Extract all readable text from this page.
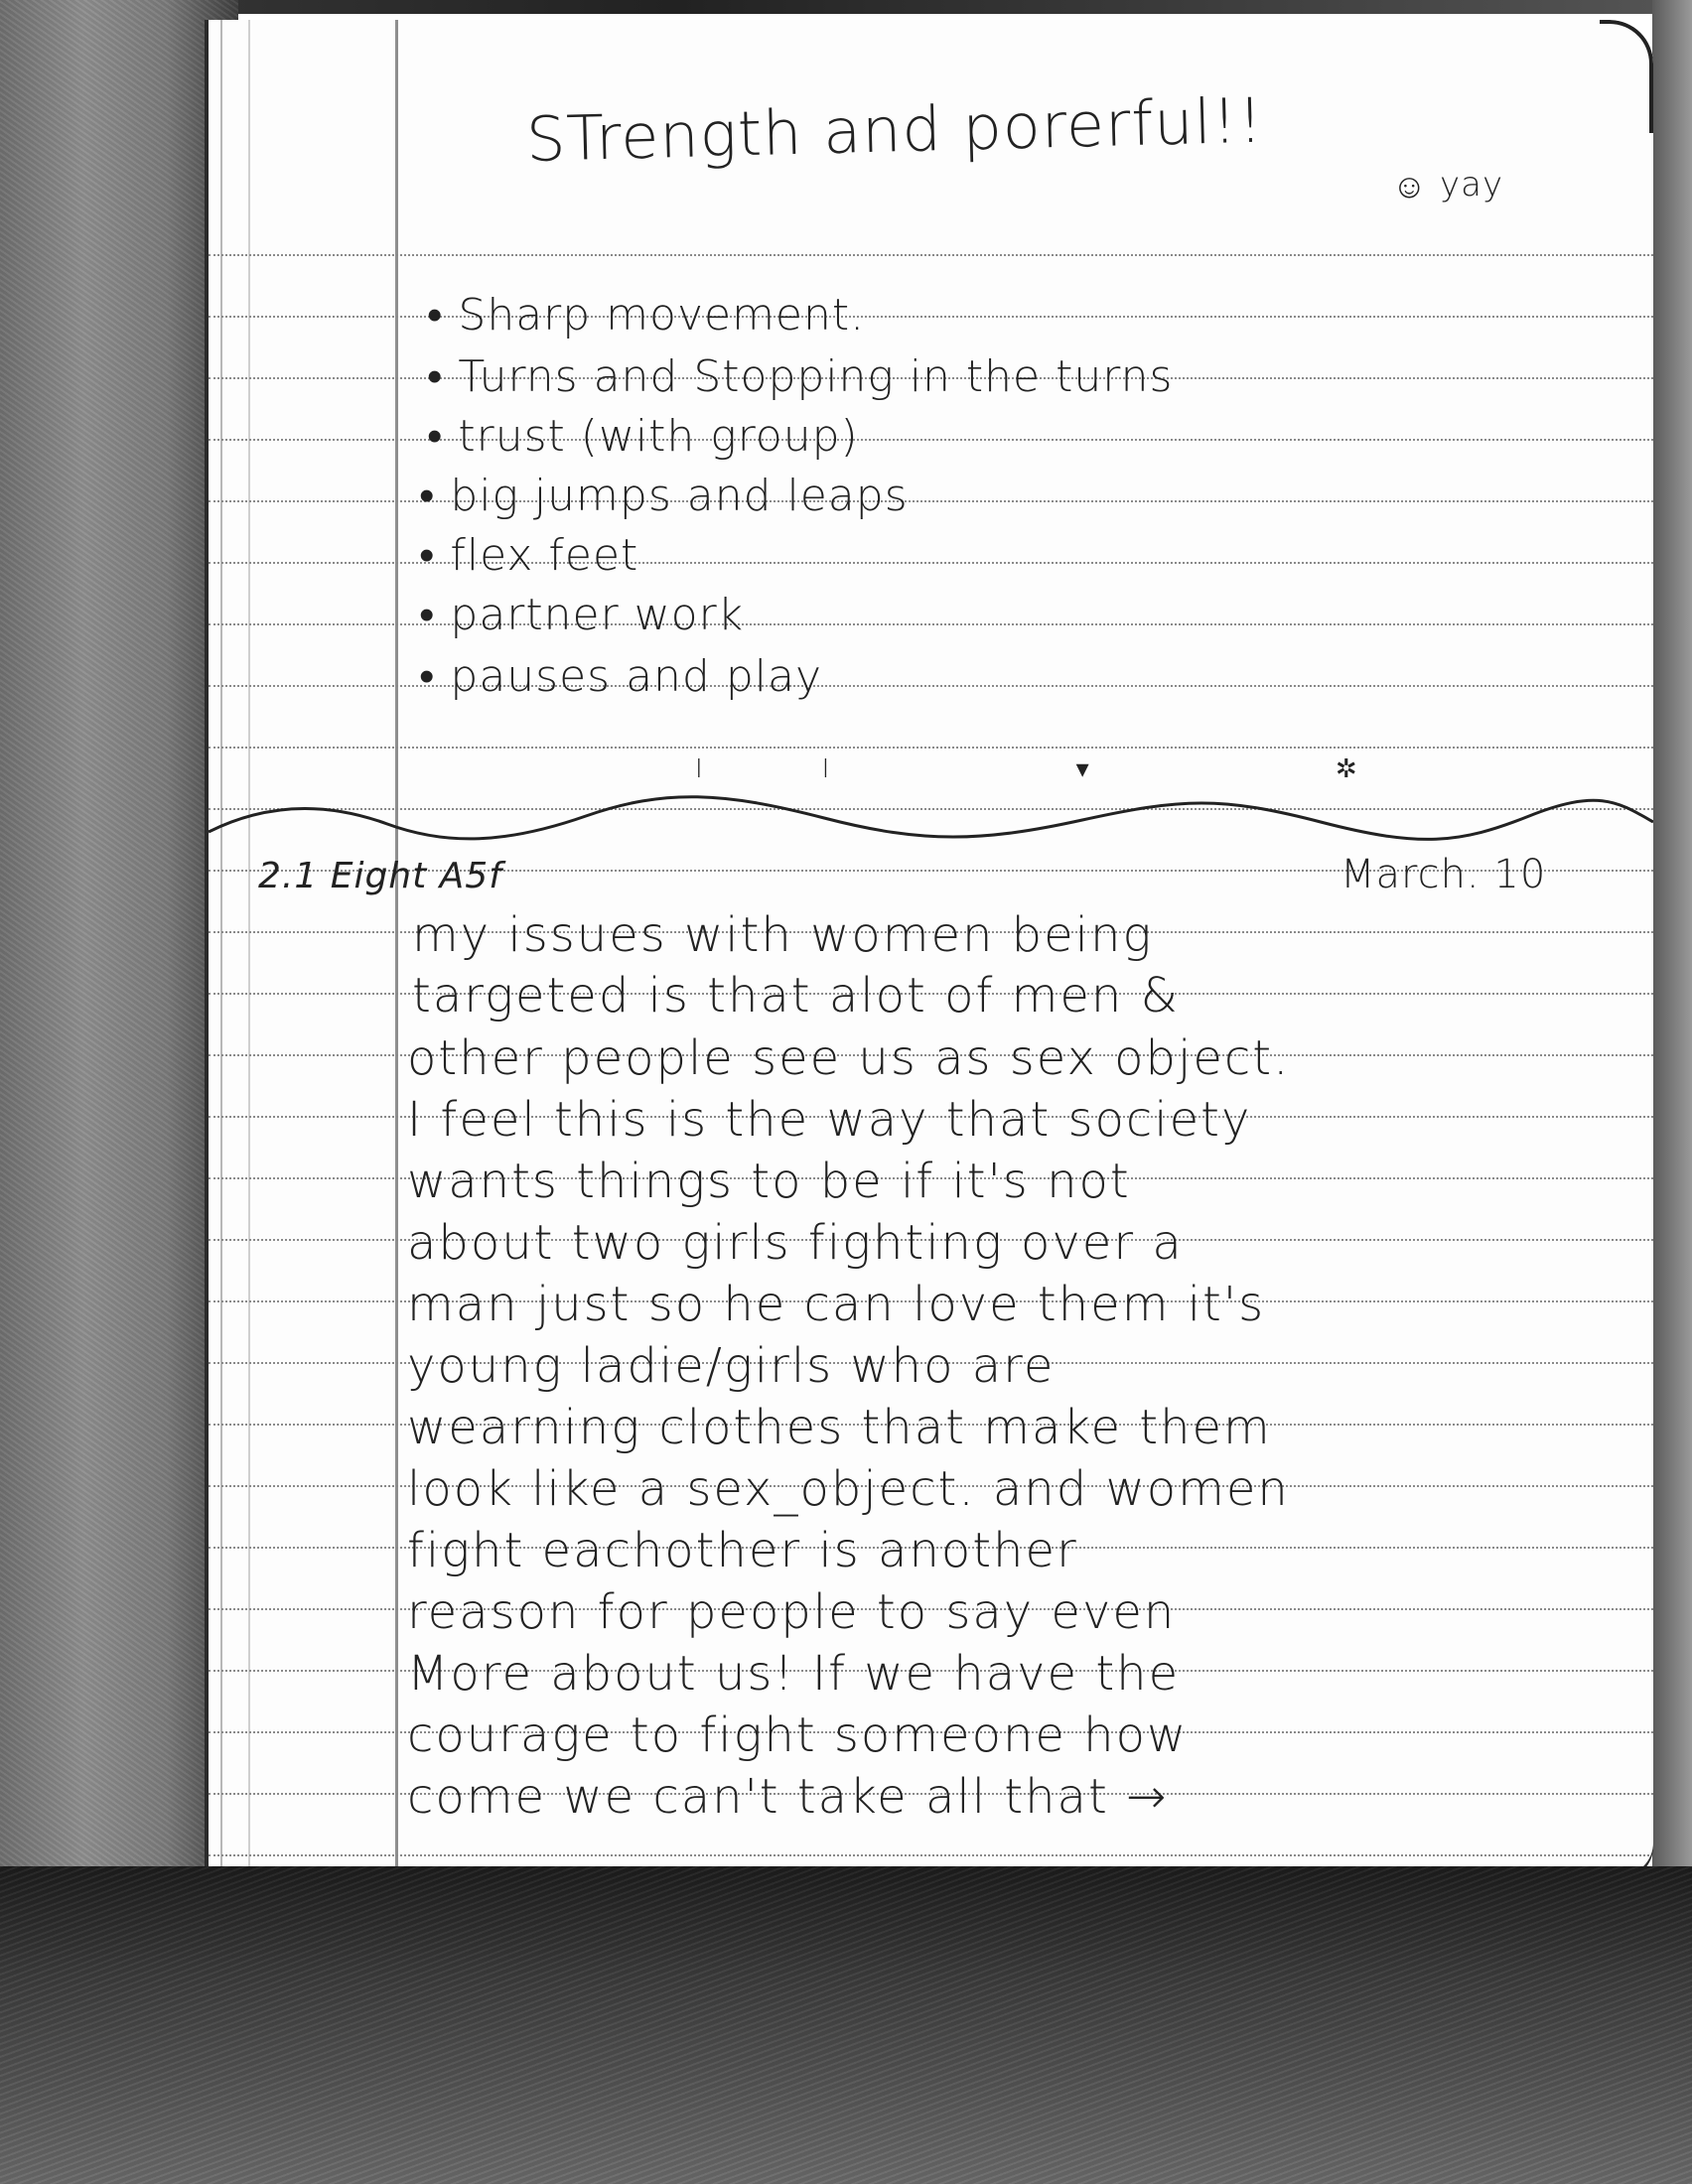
STrength and porerful!!
☺ yay
• Sharp movement.
• Turns and Stopping in the turns
• trust (with group)
• big jumps and leaps
• flex feet
• partner work
• pauses and play
II ▾ ✲
2.1 Eight A5f	March. 10
my issues with women being
targeted is that alot of men &
other people see us as sex object.
I feel this is the way that society
wants things to be if it's not
about two girls fighting over a
man just so he can love them it's
young ladie/girls who are
wearning clothes that make them
look like a sex_object. and women
fight eachother is another
reason for people to say even
More about us! If we have the
courage to fight someone how
come we can't take all that →
